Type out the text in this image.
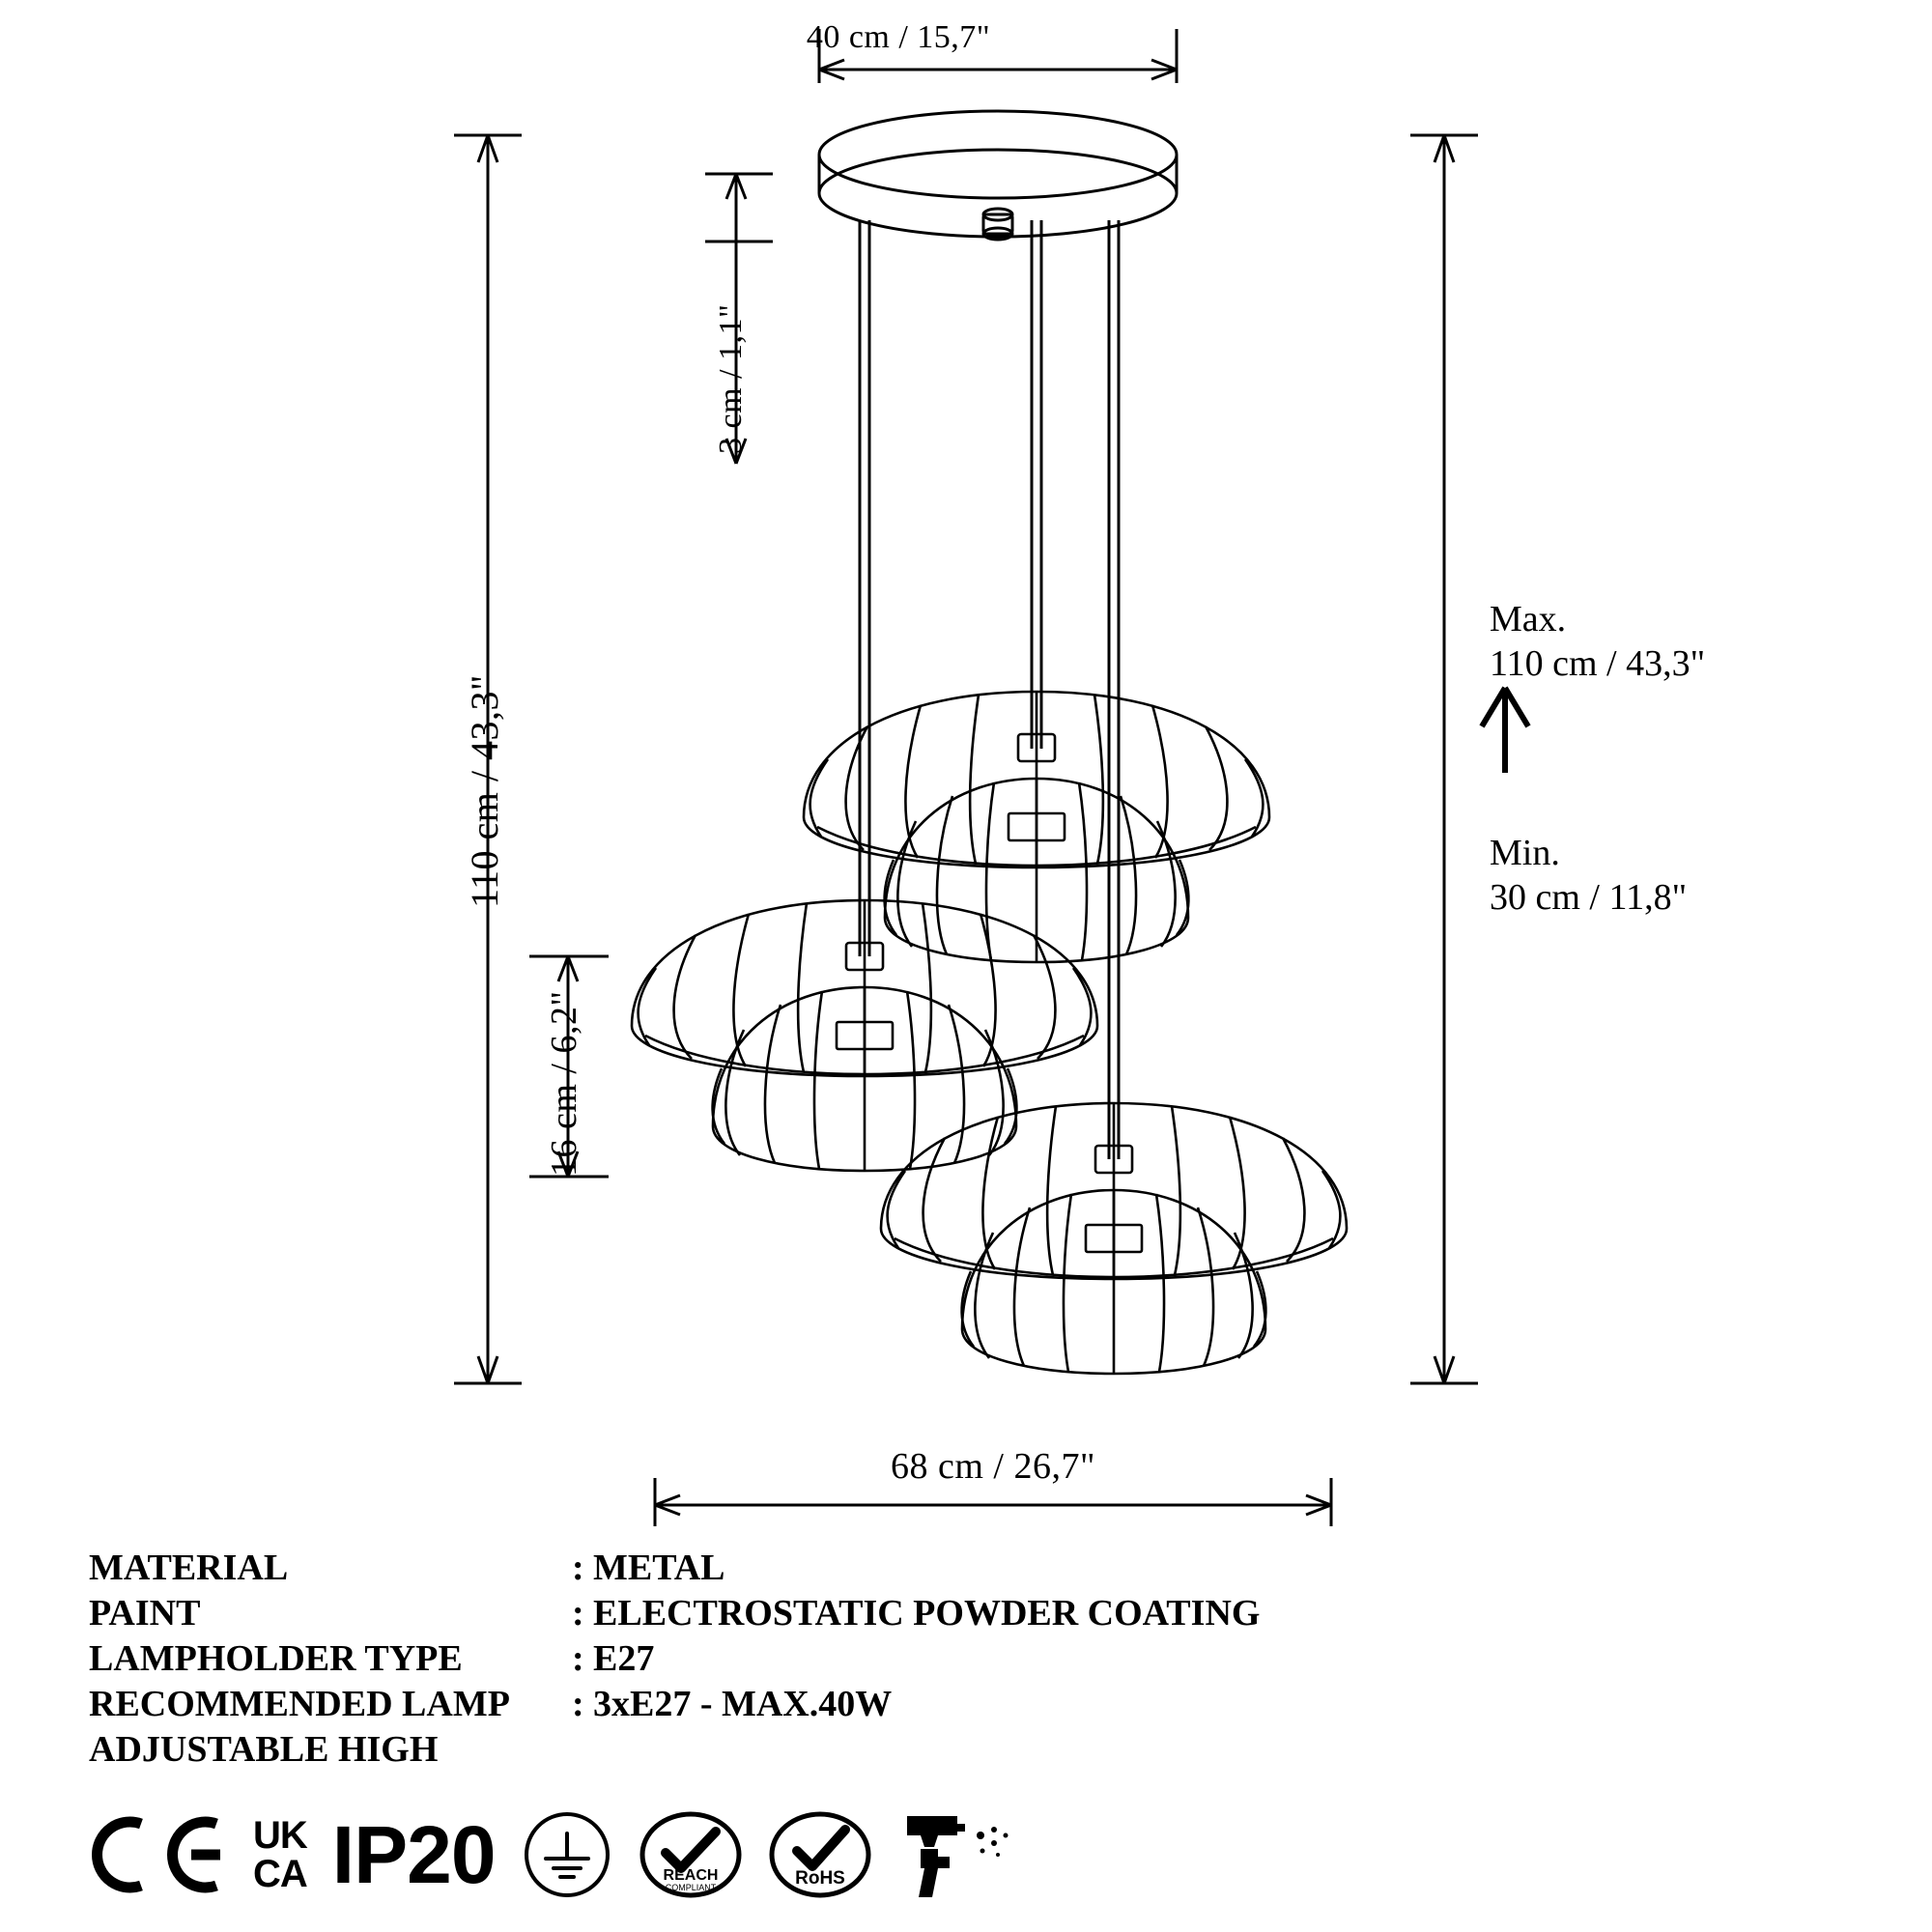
40 cm / 15,7"
3 cm / 1,1"
110 cm / 43,3"
16 cm / 6,2"
68 cm / 26,7"
Max.
110 cm / 43,3"
Min.
30 cm / 11,8"
MATERIAL	: METAL
PAINT	: ELECTROSTATIC POWDER COATING
LAMPHOLDER TYPE	: E27
RECOMMENDED LAMP	: 3xE27 - MAX.40W
ADJUSTABLE HIGH
UK
CA IP20	REACH
COMPLIANT	RoHS
